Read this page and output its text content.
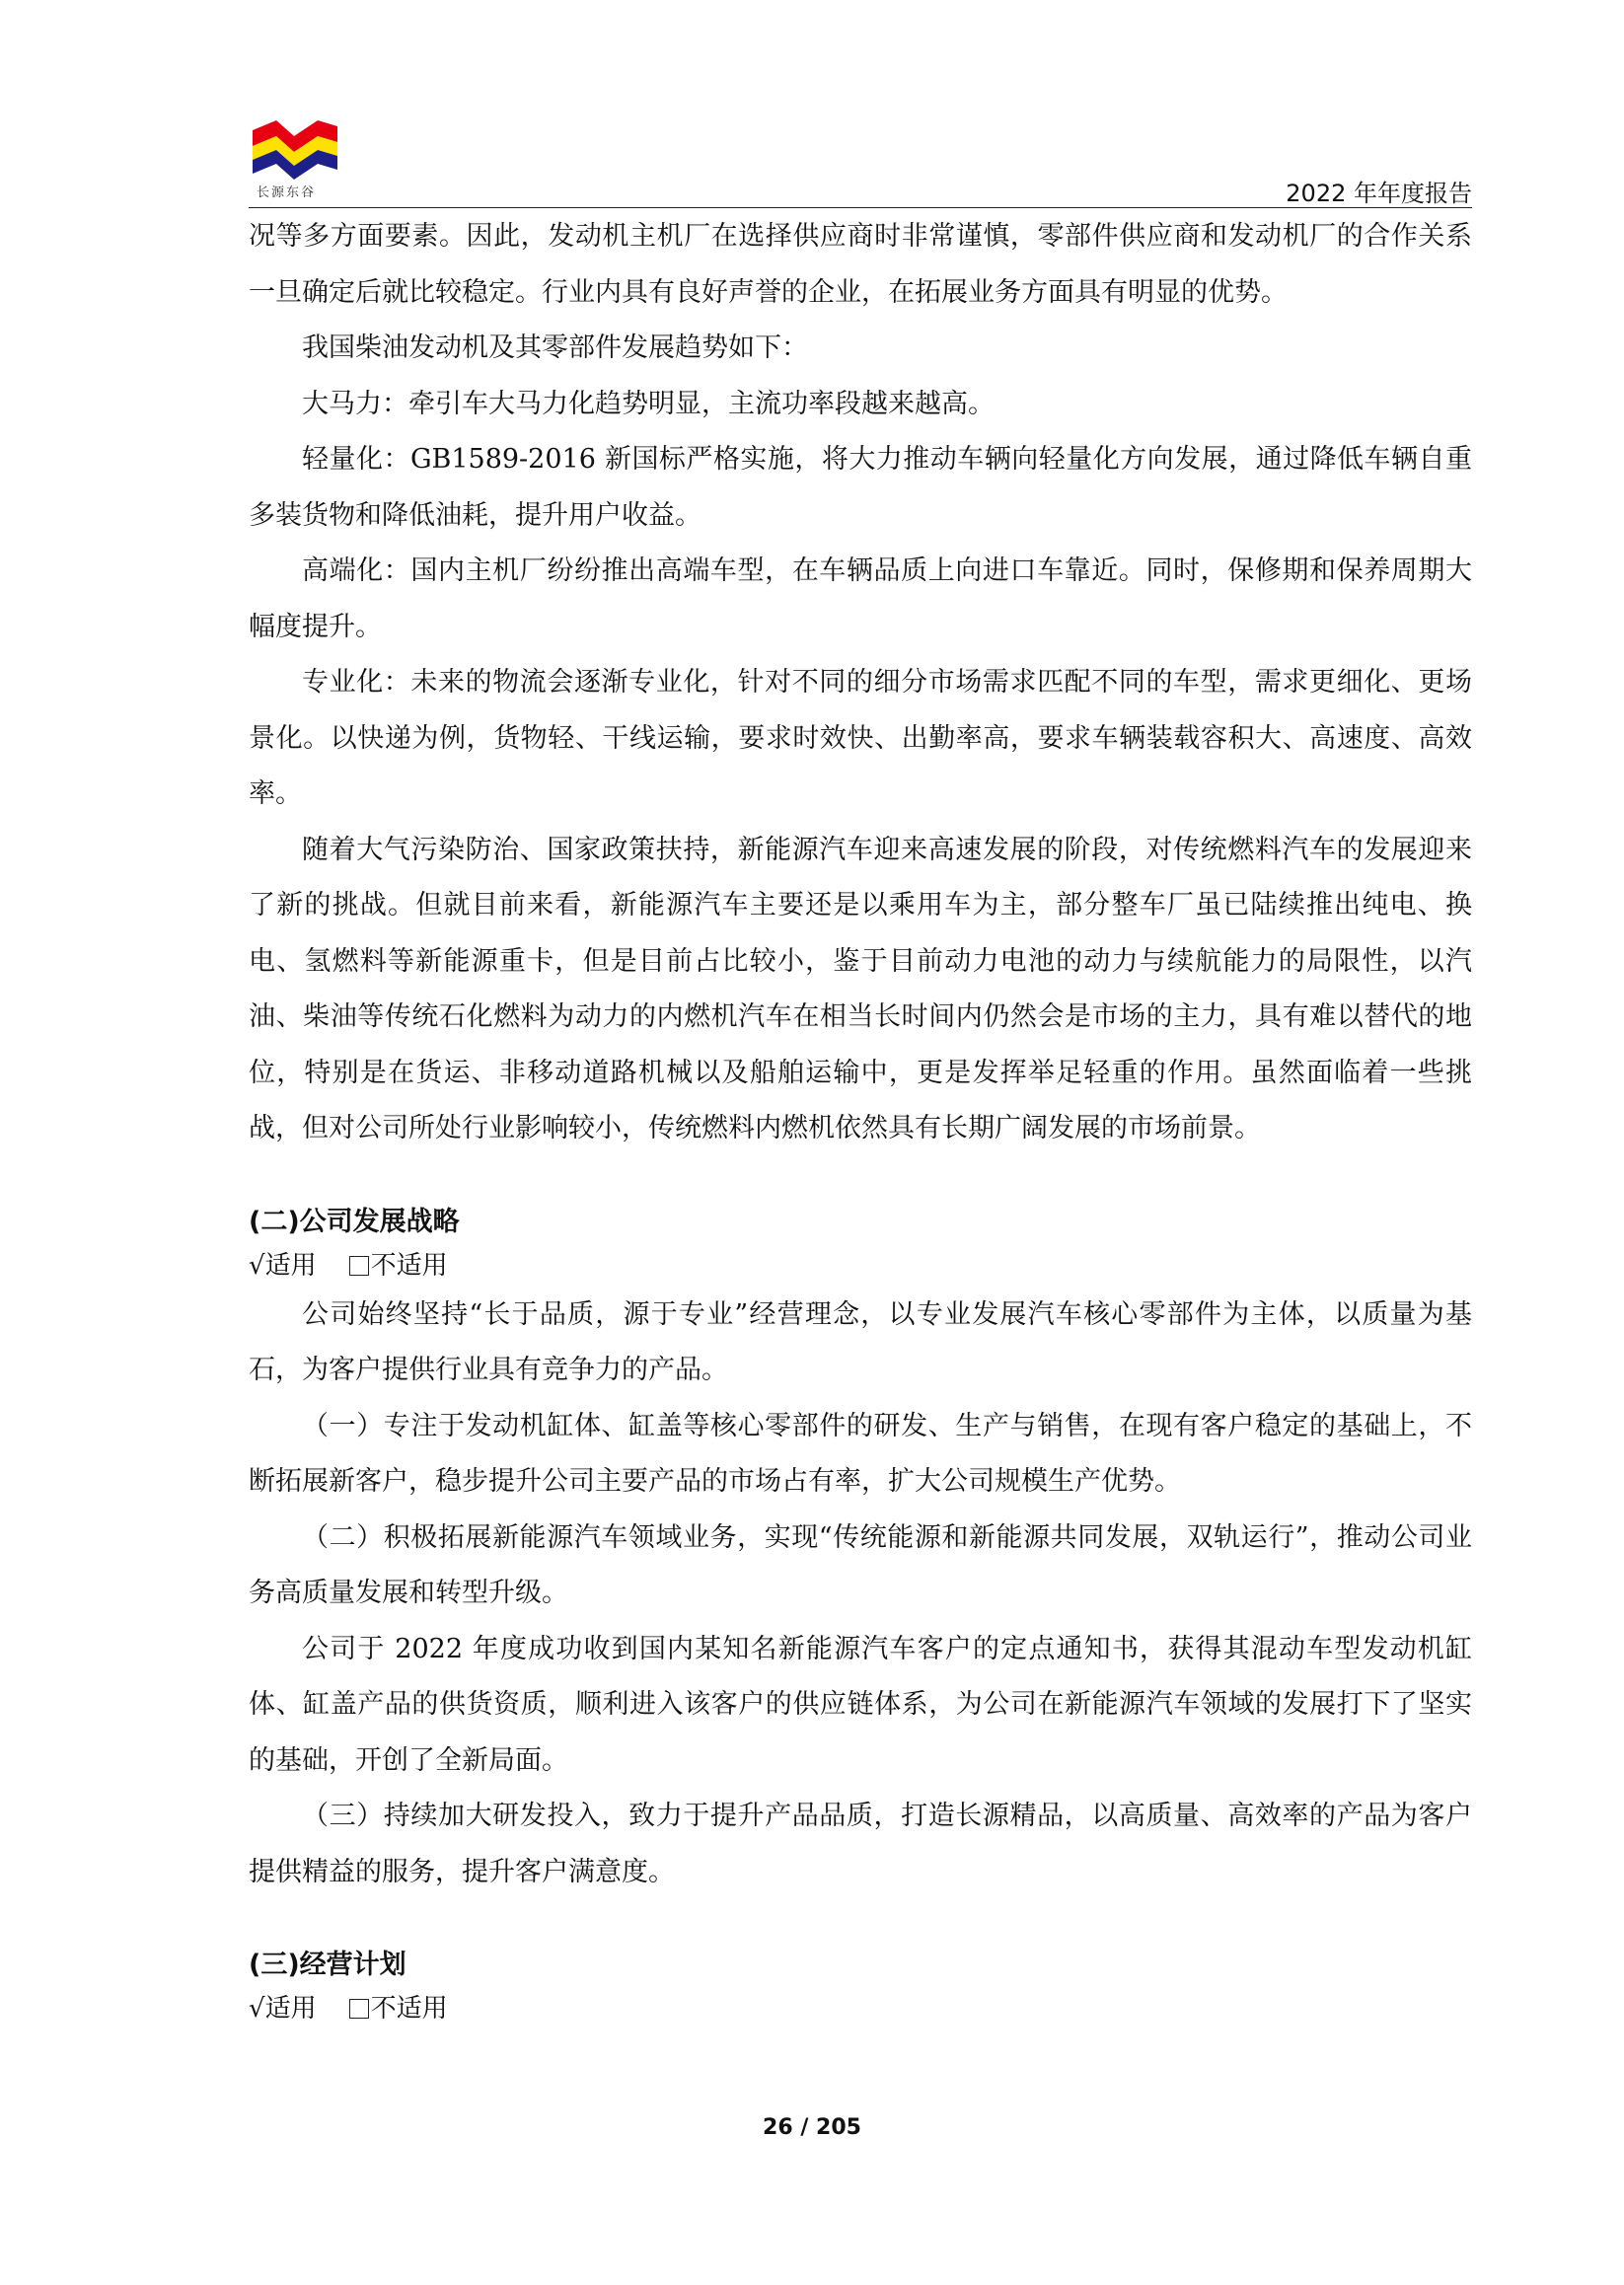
长源东谷	2022 年年度报告

况等多方面要素。因此，发动机主机厂在选择供应商时非常谨慎，零部件供应商和发动机厂的合作关系一旦确定后就比较稳定。行业内具有良好声誉的企业，在拓展业务方面具有明显的优势。

我国柴油发动机及其零部件发展趋势如下：

大马力：牵引车大马力化趋势明显，主流功率段越来越高。

轻量化：GB1589-2016 新国标严格实施，将大力推动车辆向轻量化方向发展，通过降低车辆自重多装货物和降低油耗，提升用户收益。

高端化：国内主机厂纷纷推出高端车型，在车辆品质上向进口车靠近。同时，保修期和保养周期大幅度提升。

专业化：未来的物流会逐渐专业化，针对不同的细分市场需求匹配不同的车型，需求更细化、更场景化。以快递为例，货物轻、干线运输，要求时效快、出勤率高，要求车辆装载容积大、高速度、高效率。

随着大气污染防治、国家政策扶持，新能源汽车迎来高速发展的阶段，对传统燃料汽车的发展迎来了新的挑战。但就目前来看，新能源汽车主要还是以乘用车为主，部分整车厂虽已陆续推出纯电、换电、氢燃料等新能源重卡，但是目前占比较小，鉴于目前动力电池的动力与续航能力的局限性，以汽油、柴油等传统石化燃料为动力的内燃机汽车在相当长时间内仍然会是市场的主力，具有难以替代的地位，特别是在货运、非移动道路机械以及船舶运输中，更是发挥举足轻重的作用。虽然面临着一些挑战，但对公司所处行业影响较小，传统燃料内燃机依然具有长期广阔发展的市场前景。

(二)公司发展战略

√适用 不适用

公司始终坚持“长于品质，源于专业”经营理念，以专业发展汽车核心零部件为主体，以质量为基石，为客户提供行业具有竞争力的产品。

（一）专注于发动机缸体、缸盖等核心零部件的研发、生产与销售，在现有客户稳定的基础上，不断拓展新客户，稳步提升公司主要产品的市场占有率，扩大公司规模生产优势。

（二）积极拓展新能源汽车领域业务，实现“传统能源和新能源共同发展，双轨运行”，推动公司业务高质量发展和转型升级。

公司于 2022 年度成功收到国内某知名新能源汽车客户的定点通知书，获得其混动车型发动机缸体、缸盖产品的供货资质，顺利进入该客户的供应链体系，为公司在新能源汽车领域的发展打下了坚实的基础，开创了全新局面。

（三）持续加大研发投入，致力于提升产品品质，打造长源精品，以高质量、高效率的产品为客户提供精益的服务，提升客户满意度。

(三)经营计划

√适用 不适用

26 / 205
